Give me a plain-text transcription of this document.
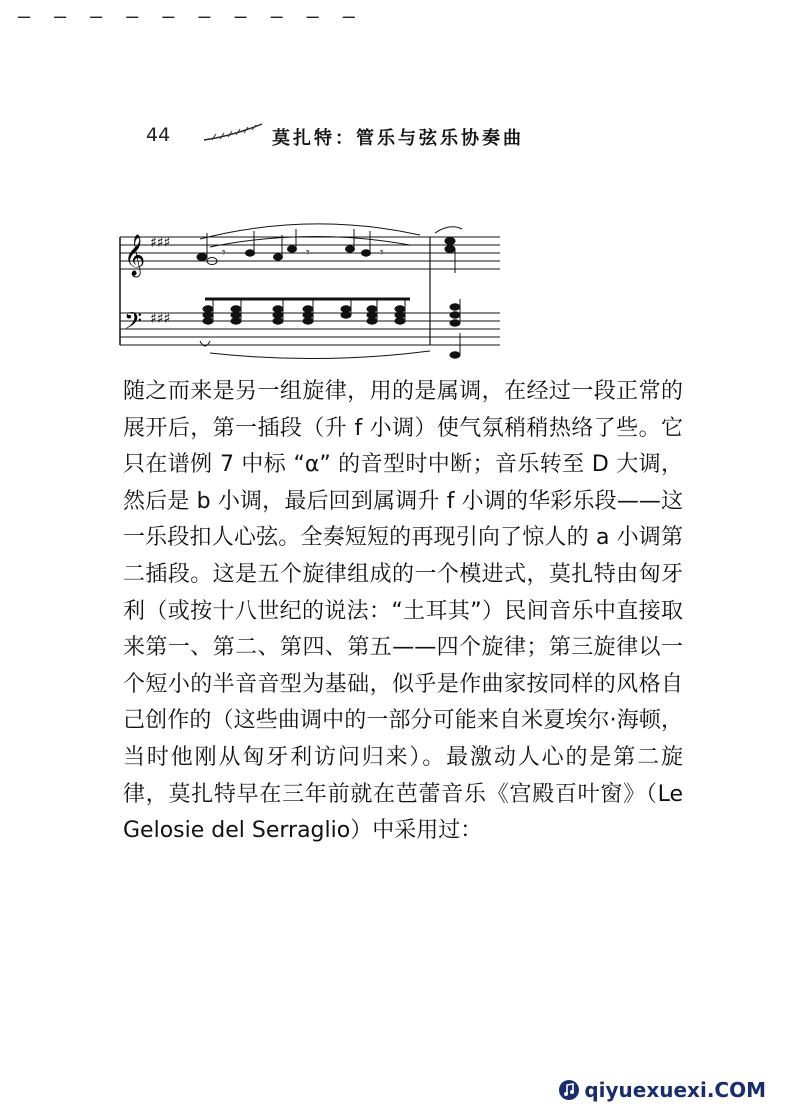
— — — — — — — — — —
44	莫扎特：管乐与弦乐协奏曲
𝄞
𝄢
♯♯♯
♯♯♯
𝄾	𝄾	𝄾

随之而来是另一组旋律，用的是属调，在经过一段正常的展开后，第一插段（升 f 小调）使气氛稍稍热络了些。它只在谱例 7 中标 “α” 的音型时中断；音乐转至 D 大调，然后是 b 小调，最后回到属调升 f 小调的华彩乐段——这一乐段扣人心弦。全奏短短的再现引向了惊人的 a 小调第二插段。这是五个旋律组成的一个模进式，莫扎特由匈牙利（或按十八世纪的说法：“土耳其”）民间音乐中直接取来第一、第二、第四、第五——四个旋律；第三旋律以一个短小的半音音型为基础，似乎是作曲家按同样的风格自己创作的（这些曲调中的一部分可能来自米夏埃尔·海顿，当时他刚从匈牙利访问归来）。最激动人心的是第二旋律，莫扎特早在三年前就在芭蕾音乐《宫殿百叶窗》（Le Gelosie del Serraglio）中采用过：

qiyuexuexi.COM
